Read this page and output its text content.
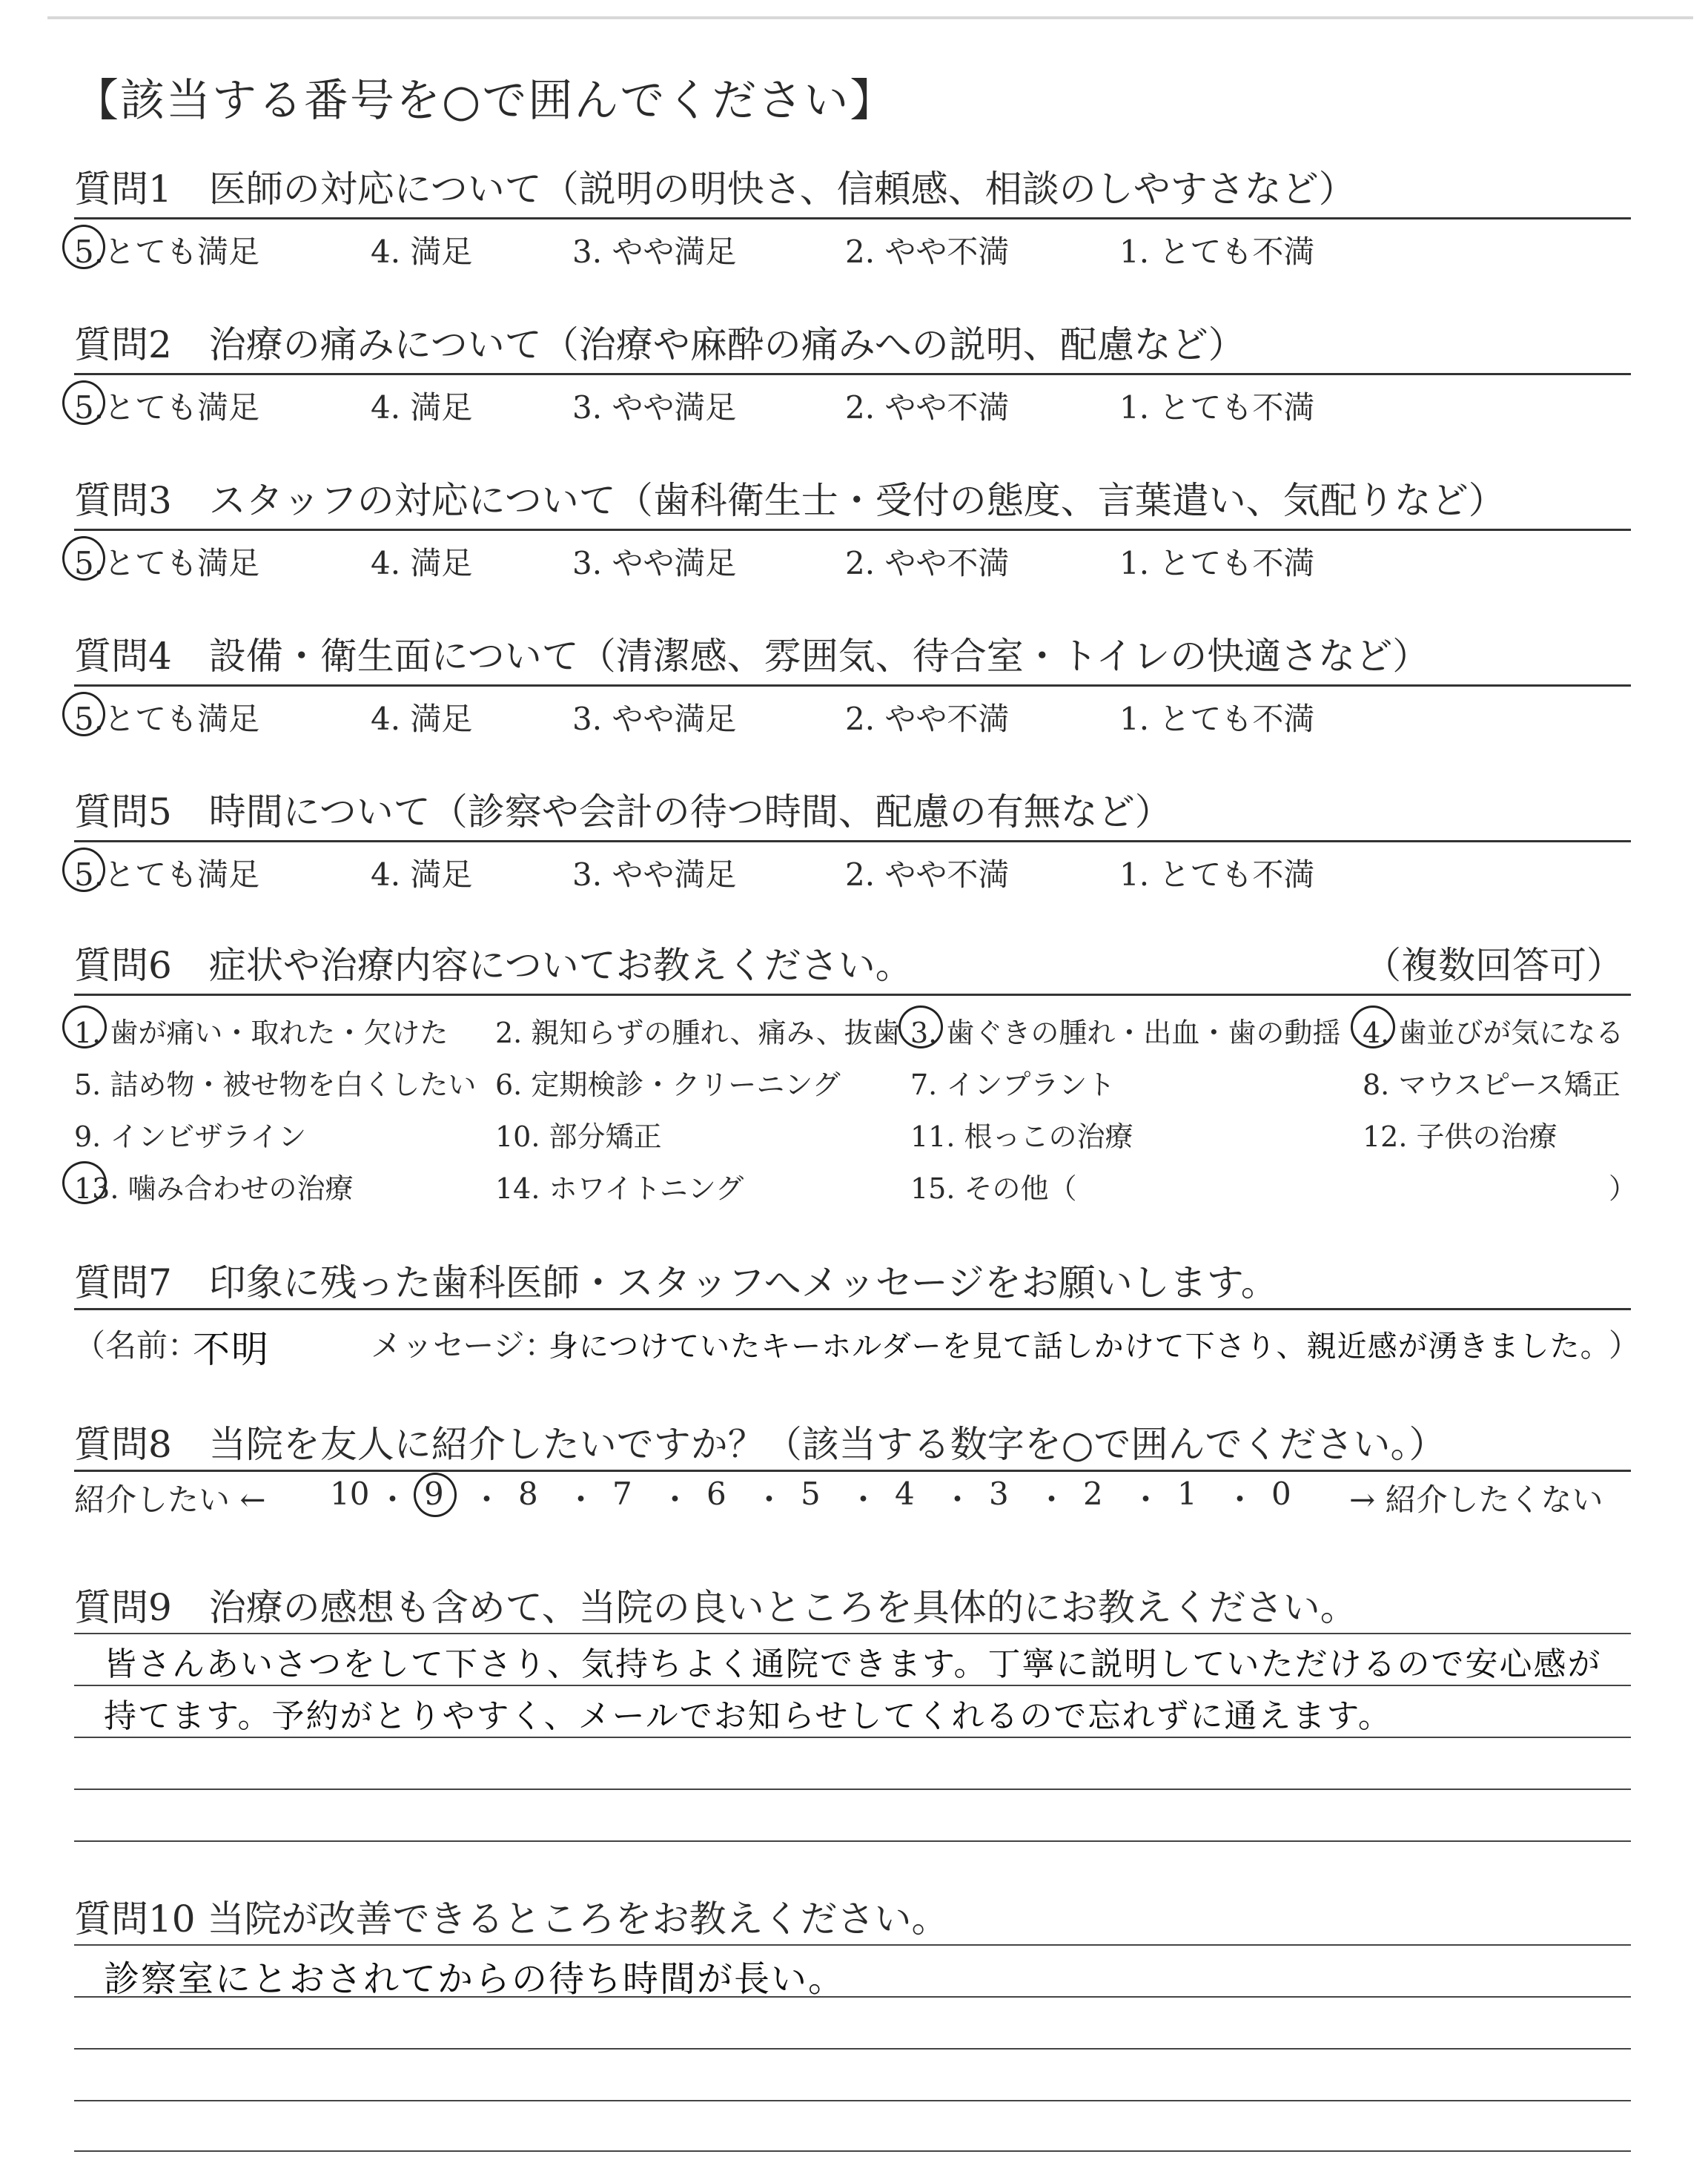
【該当する番号を○で囲んでください】
質問1　医師の対応について（説明の明快さ、信頼感、相談のしやすさなど）
5.とても満足	4. 満足	3. やや満足	2. やや不満	1. とても不満
質問2　治療の痛みについて（治療や麻酔の痛みへの説明、配慮など）
5.とても満足	4. 満足	3. やや満足	2. やや不満	1. とても不満
質問3　スタッフの対応について（歯科衛生士・受付の態度、言葉遣い、気配りなど）
5.とても満足	4. 満足	3. やや満足	2. やや不満	1. とても不満
質問4　設備・衛生面について（清潔感、雰囲気、待合室・トイレの快適さなど）
5.とても満足	4. 満足	3. やや満足	2. やや不満	1. とても不満
質問5　時間について（診察や会計の待つ時間、配慮の有無など）
5.とても満足	4. 満足	3. やや満足	2. やや不満	1. とても不満
質問6　症状や治療内容についてお教えください。	（複数回答可）
1. 歯が痛い・取れた・欠けた 2. 親知らずの腫れ、痛み、抜歯 3. 歯ぐきの腫れ・出血・歯の動揺 4. 歯並びが気になる
5. 詰め物・被せ物を白くしたい 6. 定期検診・クリーニング 7. インプラント	8. マウスピース矯正
9. インビザライン	10. 部分矯正	11. 根っこの治療	12. 子供の治療
13. 噛み合わせの治療	14. ホワイトニング	15. その他（	）
質問7　印象に残った歯科医師・スタッフへメッセージをお願いします。
（名前：
不明	メッセージ：
身につけていたキーホルダーを見て話しかけて下さり、親近感が湧きました。
）
質問8　当院を友人に紹介したいですか？（該当する数字を○で囲んでください。）
紹介したい ←	→ 紹介したくない
10 ・ 9 ・ 8 ・ 7 ・ 6 ・ 5 ・ 4 ・ 3 ・ 2 ・ 1 ・ 0
質問9　治療の感想も含めて、当院の良いところを具体的にお教えください。
皆さんあいさつをして下さり、気持ちよく通院できます。丁寧に説明していただけるので安心感が
持てます。予約がとりやすく、メールでお知らせしてくれるので忘れずに通えます。
質問10 当院が改善できるところをお教えください。
診察室にとおされてからの待ち時間が長い。
